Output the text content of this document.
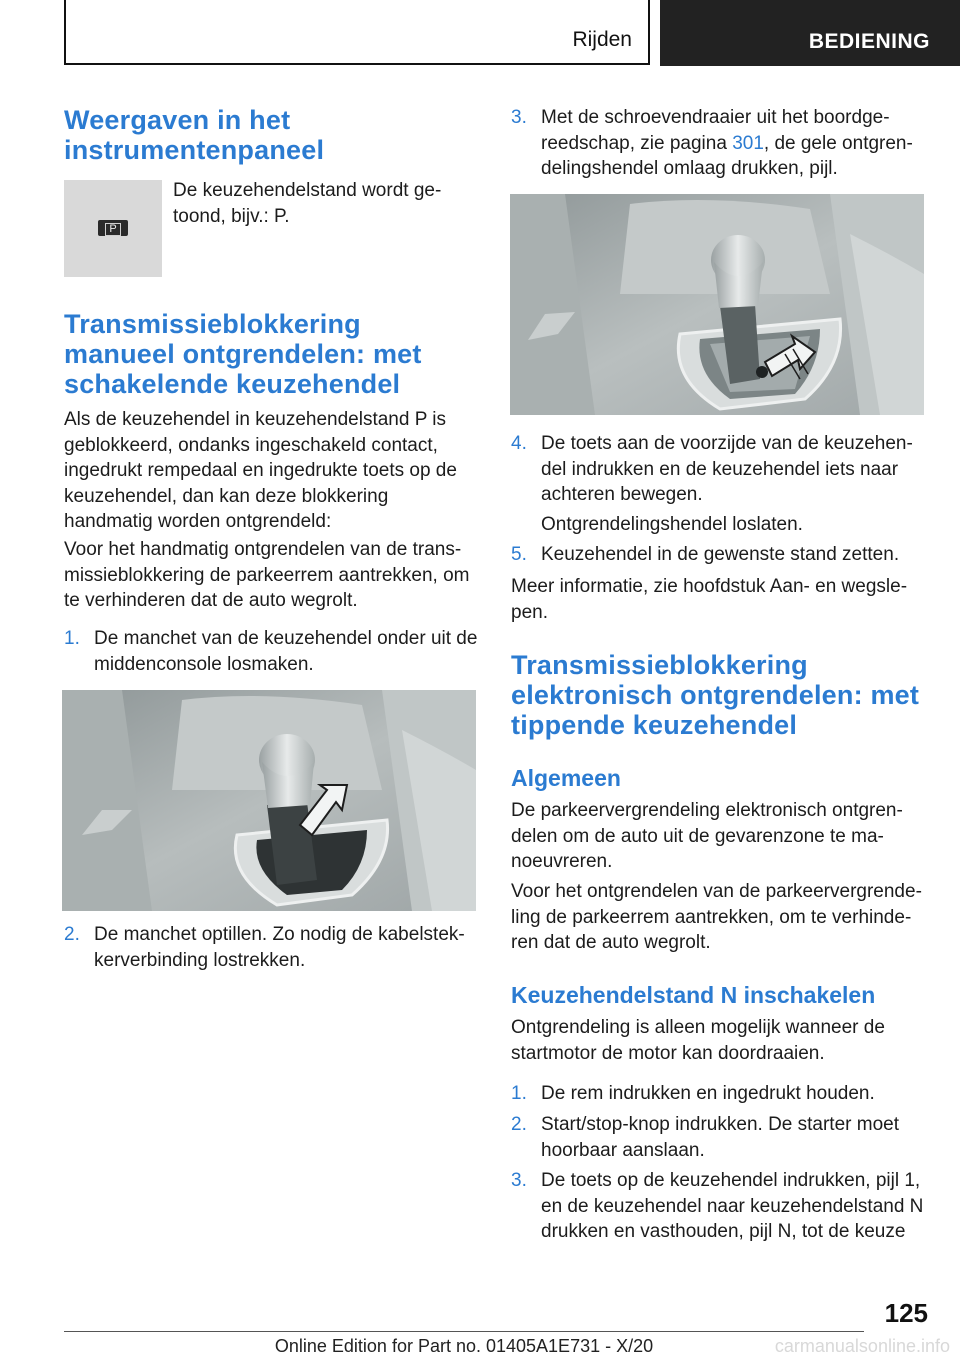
Rijden	BEDIENING
Weergaven in het instrumentenpaneel
P

De keuzehendelstand wordt getoond, bijv.: P.

Transmissieblokkering manueel ontgrendelen: met schakelende keuzehendel

Als de keuzehendel in keuzehendelstand P is geblokkeerd, ondanks ingeschakeld contact, ingedrukt rempedaal en ingedrukte toets op de keuzehendel, dan kan deze blokkering handmatig worden ontgrendeld:

Voor het handmatig ontgrendelen van de transmissieblokkering de parkeerrem aantrekken, om te verhinderen dat de auto wegrolt.

1. De manchet van de keuzehendel onder uit de middenconsole losmaken.
2. De manchet optillen. Zo nodig de kabelstekkerverbinding lostrekken.
3. Met de schroevendraaier uit het boordgereedschap, zie pagina 301, de gele ontgrendelingshendel omlaag drukken, pijl.
4. De toets aan de voorzijde van de keuzehendel indrukken en de keuzehendel iets naar achteren bewegen.

Ontgrendelingshendel loslaten.

5. Keuzehendel in de gewenste stand zetten.

Meer informatie, zie hoofdstuk Aan- en wegslepen.

Transmissieblokkering elektronisch ontgrendelen: met tippende keuzehendel
Algemeen

De parkeervergrendeling elektronisch ontgrendelen om de auto uit de gevarenzone te manoeuvreren.

Voor het ontgrendelen van de parkeervergrendeling de parkeerrem aantrekken, om te verhinderen dat de auto wegrolt.

Keuzehendelstand N inschakelen

Ontgrendeling is alleen mogelijk wanneer de startmotor de motor kan doordraaien.

1. De rem indrukken en ingedrukt houden.
2. Start/stop-knop indrukken. De starter moet hoorbaar aanslaan.
3. De toets op de keuzehendel indrukken, pijl 1, en de keuzehendel naar keuzehendelstand N drukken en vasthouden, pijl N, tot de keuze
125
Online Edition for Part no. 01405A1E731 - X/20	carmanualsonline.info
